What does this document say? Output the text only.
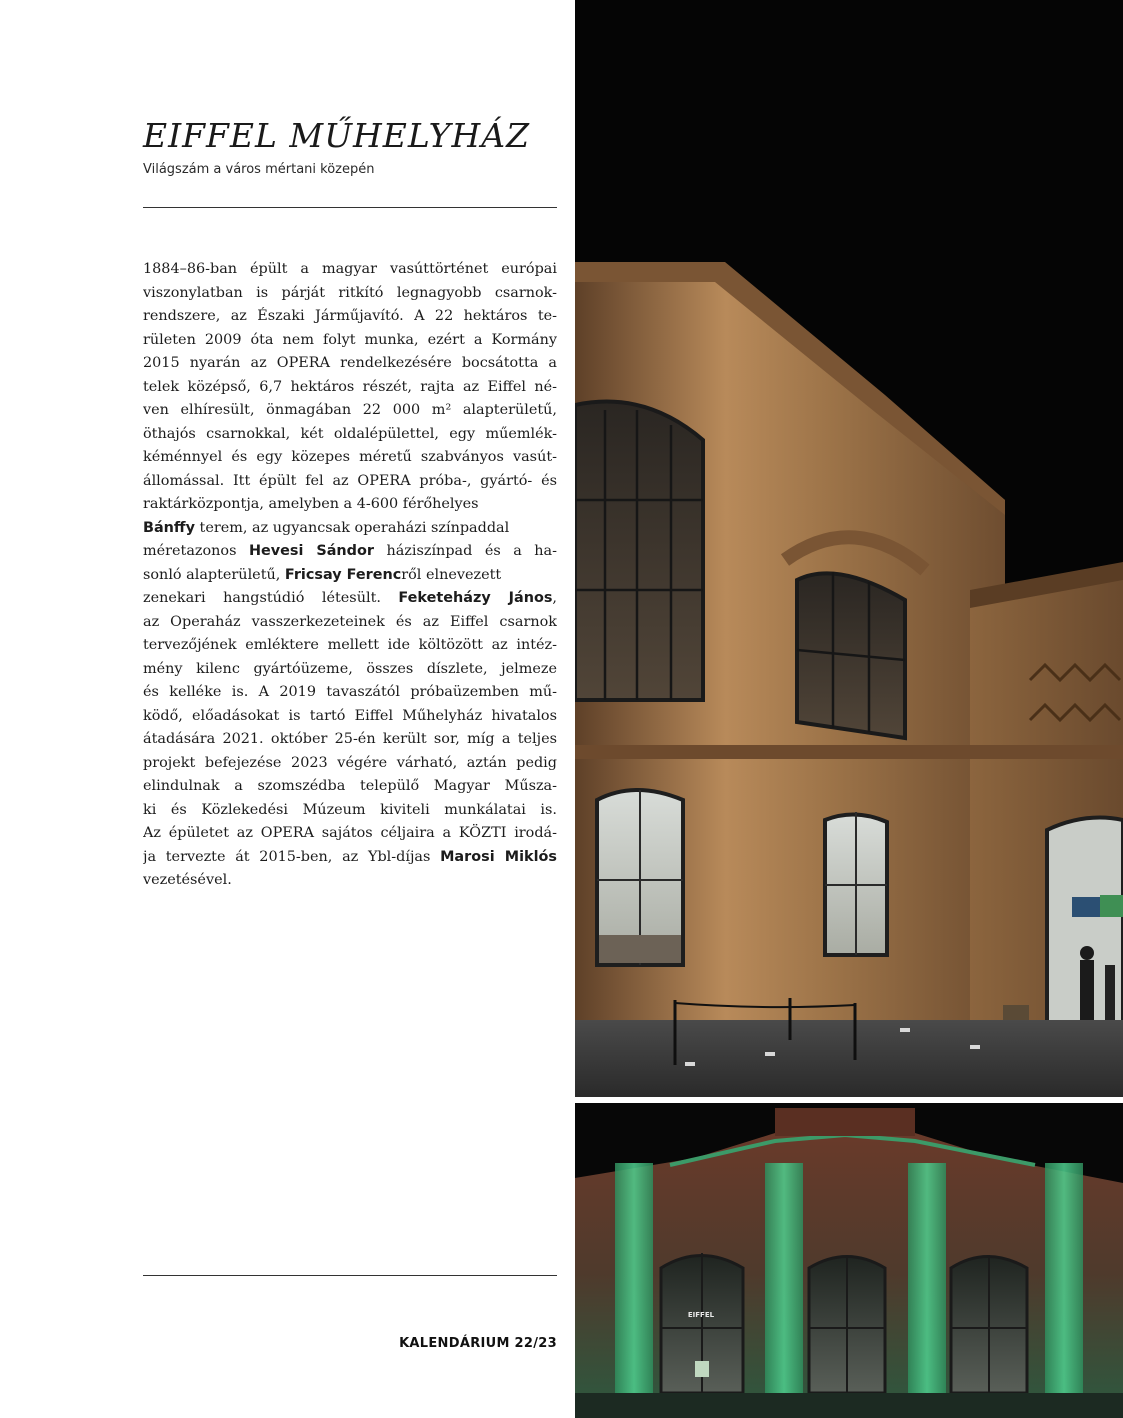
EIFFEL MŰHELYHÁZ
Világszám a város mértani közepén
1884–86-ban épült a magyar vasúttörténet európai
viszonylatban is párját ritkító legnagyobb csarnok-
rendszere, az Északi Járműjavító. A 22 hektáros te-
rületen 2009 óta nem folyt munka, ezért a Kormány
2015 nyarán az OPERA rendelkezésére bocsátotta a
telek középső, 6,7 hektáros részét, rajta az Eiffel né-
ven elhíresült, önmagában 22 000 m² alapterületű,
öthajós csarnokkal, két oldalépülettel, egy műemlék-
kéménnyel és egy közepes méretű szabványos vasút-
állomással. Itt épült fel az OPERA próba-, gyártó- és
raktárközpontja, amelyben a 4-600 férőhelyes
Bánffy terem, az ugyancsak operaházi színpaddal
méretazonos Hevesi Sándor háziszínpad és a ha-
sonló alapterületű, Fricsay Ferencről elnevezett
zenekari hangstúdió létesült. Feketeházy János,
az Operaház vasszerkezeteinek és az Eiffel csarnok
tervezőjének emléktere mellett ide költözött az intéz-
mény kilenc gyártóüzeme, összes díszlete, jelmeze
és kelléke is. A 2019 tavaszától próbaüzemben mű-
ködő, előadásokat is tartó Eiffel Műhelyház hivatalos
átadására 2021. október 25-én került sor, míg a teljes
projekt befejezése 2023 végére várható, aztán pedig
elindulnak a szomszédba települő Magyar Műsza-
ki és Közlekedési Múzeum kiviteli munkálatai is.
Az épületet az OPERA sajátos céljaira a KÖZTI irodá-
ja tervezte át 2015-ben, az Ybl-díjas Marosi Miklós
vezetésével.
KALENDÁRIUM 22/23
EIFFEL
